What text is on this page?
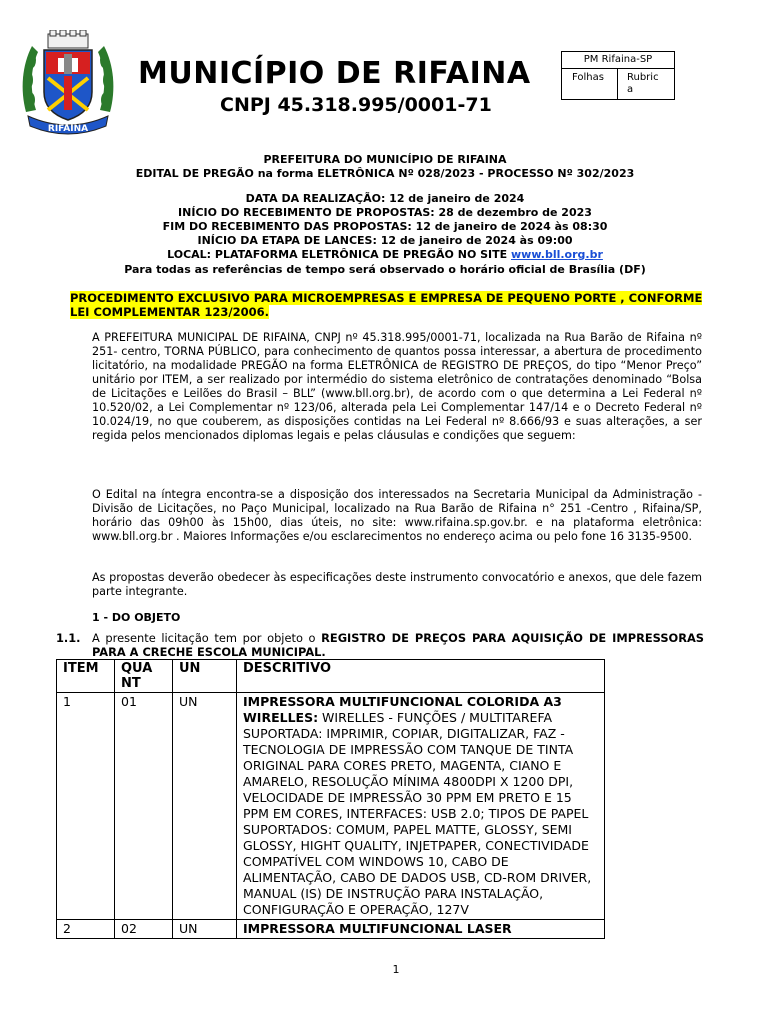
RIFAINA
MUNICÍPIO DE RIFAINA
CNPJ 45.318.995/0001-71
PM Rifaina-SP
Folhas	Rubric
a
PREFEITURA DO MUNICÍPIO DE RIFAINA
EDITAL DE PREGÃO na forma ELETRÔNICA Nº 028/2023 - PROCESSO Nº 302/2023
DATA DA REALIZAÇÃO: 12 de janeiro de 2024
INÍCIO DO RECEBIMENTO DE PROPOSTAS: 28 de dezembro de 2023
FIM DO RECEBIMENTO DAS PROPOSTAS: 12 de janeiro de 2024 às 08:30
INÍCIO DA ETAPA DE LANCES: 12 de janeiro de 2024 às 09:00
LOCAL: PLATAFORMA ELETRÔNICA DE PREGÃO NO SITE www.bll.org.br
Para todas as referências de tempo será observado o horário oficial de Brasília (DF)
PROCEDIMENTO EXCLUSIVO PARA MICROEMPRESAS E EMPRESA DE PEQUENO PORTE , CONFORME LEI COMPLEMENTAR 123/2006.
A PREFEITURA MUNICIPAL DE RIFAINA, CNPJ nº 45.318.995/0001-71, localizada na Rua Barão de Rifaina nº 251- centro, TORNA PÚBLICO, para conhecimento de quantos possa interessar, a abertura de procedimento licitatório, na modalidade PREGÃO na forma ELETRÔNICA de REGISTRO DE PREÇOS, do tipo “Menor Preço” unitário por ITEM, a ser realizado por intermédio do sistema eletrônico de contratações denominado “Bolsa de Licitações e Leilões do Brasil – BLL” (www.bll.org.br), de acordo com o que determina a Lei Federal nº 10.520/02, a Lei Complementar nº 123/06, alterada pela Lei Complementar 147/14 e o Decreto Federal nº 10.024/19, no que couberem, as disposições contidas na Lei Federal nº 8.666/93 e suas alterações, a ser regida pelos mencionados diplomas legais e pelas cláusulas e condições que seguem:
O Edital na íntegra encontra-se a disposição dos interessados na Secretaria Municipal da Administração - Divisão de Licitações, no Paço Municipal, localizado na Rua Barão de Rifaina n° 251 -Centro , Rifaina/SP, horário das 09h00 às 15h00, dias úteis, no site: www.rifaina.sp.gov.br. e na plataforma eletrônica: www.bll.org.br . Maiores Informações e/ou esclarecimentos no endereço acima ou pelo fone 16 3135-9500.
As propostas deverão obedecer às especificações deste instrumento convocatório e anexos, que dele fazem parte integrante.
1 - DO OBJETO
1.1. A presente licitação tem por objeto o REGISTRO DE PREÇOS PARA AQUISIÇÃO DE IMPRESSORAS PARA A CRECHE ESCOLA MUNICIPAL.
ITEM	QUANT	UN	DESCRITIVO
1	01	UN	IMPRESSORA MULTIFUNCIONAL COLORIDA A3 WIRELLES: WIRELLES - FUNÇÕES / MULTITAREFA SUPORTADA: IMPRIMIR, COPIAR, DIGITALIZAR, FAZ - TECNOLOGIA DE IMPRESSÃO COM TANQUE DE TINTA ORIGINAL PARA CORES PRETO, MAGENTA, CIANO E AMARELO, RESOLUÇÃO MÍNIMA 4800DPI X 1200 DPI, VELOCIDADE DE IMPRESSÃO 30 PPM EM PRETO E 15 PPM EM CORES, INTERFACES: USB 2.0; TIPOS DE PAPEL SUPORTADOS: COMUM, PAPEL MATTE, GLOSSY, SEMI GLOSSY, HIGHT QUALITY, INJETPAPER, CONECTIVIDADE COMPATÍVEL COM WINDOWS 10, CABO DE ALIMENTAÇÃO, CABO DE DADOS USB, CD-ROM DRIVER, MANUAL (IS) DE INSTRUÇÃO PARA INSTALAÇÃO, CONFIGURAÇÃO E OPERAÇÃO, 127V
2	02	UN	IMPRESSORA MULTIFUNCIONAL LASER
1
